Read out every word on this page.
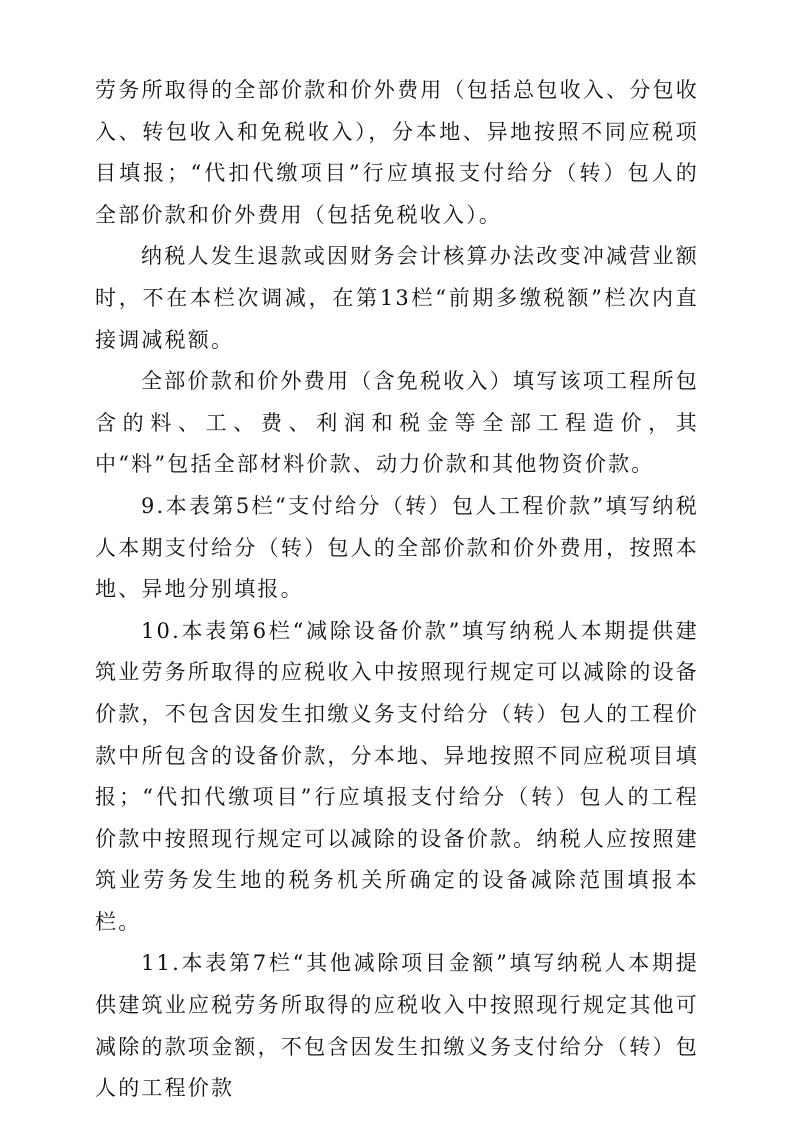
劳务所取得的全部价款和价外费用（包括总包收入、分包收入、转包收入和免税收入），分本地、异地按照不同应税项目填报；“代扣代缴项目”行应填报支付给分（转）包人的全部价款和价外费用（包括免税收入）。

纳税人发生退款或因财务会计核算办法改变冲减营业额时，不在本栏次调减，在第13栏“前期多缴税额”栏次内直接调减税额。

全部价款和价外费用（含免税收入）填写该项工程所包含的料、工、费、利润和税金等全部工程造价，其中“料”包括全部材料价款、动力价款和其他物资价款。

9.本表第5栏“支付给分（转）包人工程价款”填写纳税人本期支付给分（转）包人的全部价款和价外费用，按照本地、异地分别填报。

10.本表第6栏“减除设备价款”填写纳税人本期提供建筑业劳务所取得的应税收入中按照现行规定可以减除的设备价款，不包含因发生扣缴义务支付给分（转）包人的工程价款中所包含的设备价款，分本地、异地按照不同应税项目填报；“代扣代缴项目”行应填报支付给分（转）包人的工程价款中按照现行规定可以减除的设备价款。纳税人应按照建筑业劳务发生地的税务机关所确定的设备减除范围填报本栏。

11.本表第7栏“其他减除项目金额”填写纳税人本期提供建筑业应税劳务所取得的应税收入中按照现行规定其他可减除的款项金额，不包含因发生扣缴义务支付给分（转）包人的工程价款
